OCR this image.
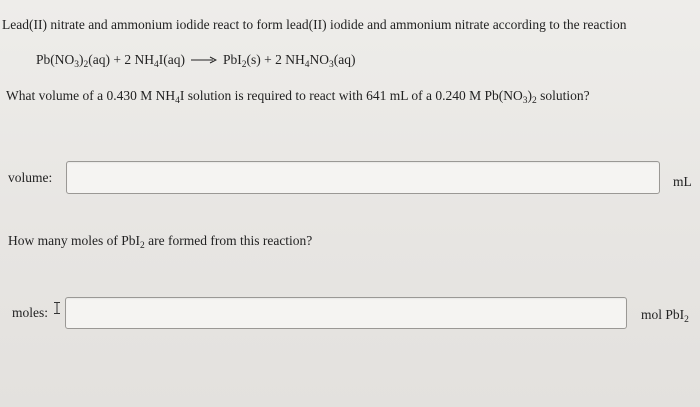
Lead(II) nitrate and ammonium iodide react to form lead(II) iodide and ammonium nitrate according to the reaction
$Pb(NO_3)_2(aq) + 2$ $NH_4I(aq)$	PbI$_2$(s) + 2 $NH_4NO_3(aq)$
What volume of a 0.430 M $NH_4I$ solution is required to react with 641 mL of a 0.240 M $Pb(NO_3)_2$ solution?
volume:	mL
How many moles of PbI$_2$ are formed from this reaction?
moles:	mol PbI$_2$
